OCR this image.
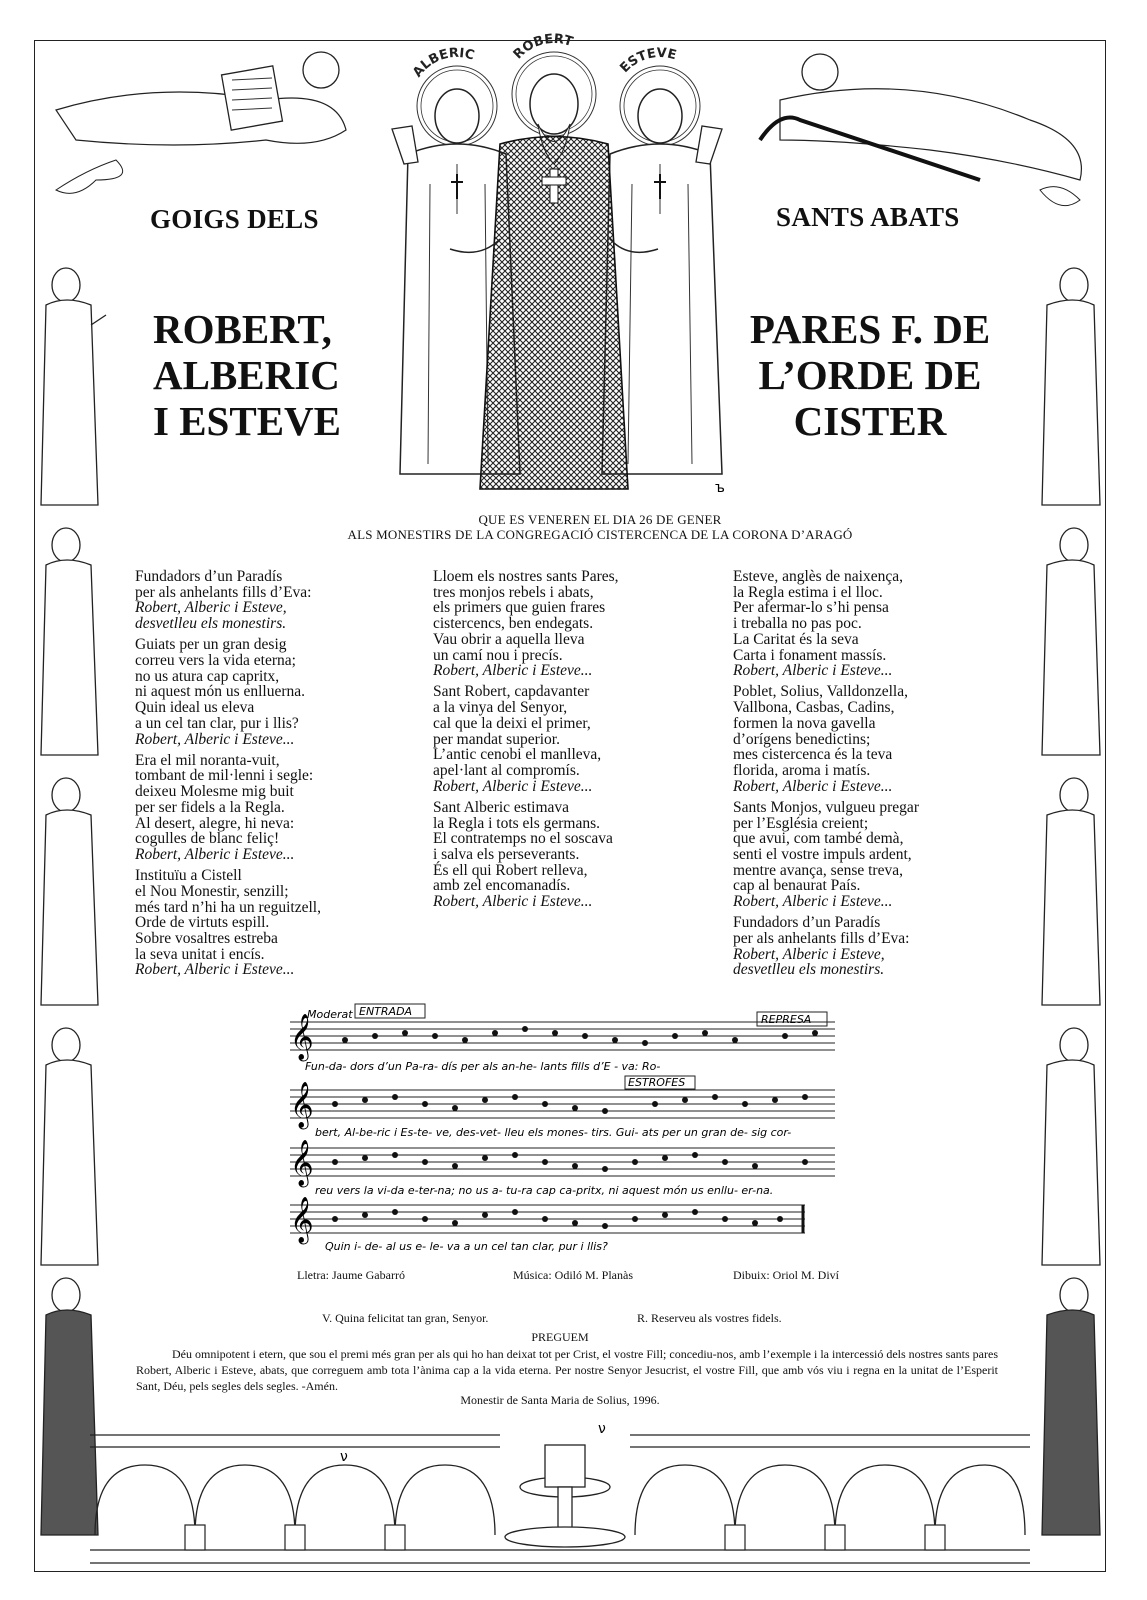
ALBERIC	ROBERT
ESTEVE
ъ
GOIGS DELS	SANTS ABATS
ROBERT,
ALBERIC
I ESTEVE
PARES F. DE
L’ORDE DE
CISTER
QUE ES VENEREN EL DIA 26 DE GENER
ALS MONESTIRS DE LA CONGREGACIÓ CISTERCENCA DE LA CORONA D’ARAGÓ
Fundadors d’un Paradís
per als anhelants fills d’Eva:
Robert, Alberic i Esteve,
desvetlleu els monestirs.
Guiats per un gran desig
correu vers la vida eterna;
no us atura cap capritx,
ni aquest món us enlluerna.
Quin ideal us eleva
a un cel tan clar, pur i llis?
Robert, Alberic i Esteve...
Era el mil noranta-vuit,
tombant de mil·lenni i segle:
deixeu Molesme mig buit
per ser fidels a la Regla.
Al desert, alegre, hi neva:
cogulles de blanc feliç!
Robert, Alberic i Esteve...
Instituïu a Cistell
el Nou Monestir, senzill;
més tard n’hi ha un reguitzell,
Orde de virtuts espill.
Sobre vosaltres estreba
la seva unitat i encís.
Robert, Alberic i Esteve...
Lloem els nostres sants Pares,
tres monjos rebels i abats,
els primers que guien frares
cistercencs, ben endegats.
Vau obrir a aquella lleva
un camí nou i precís.
Robert, Alberic i Esteve...
Sant Robert, capdavanter
a la vinya del Senyor,
cal que la deixi el primer,
per mandat superior.
L’antic cenobi el manlleva,
apel·lant al compromís.
Robert, Alberic i Esteve...
Sant Alberic estimava
la Regla i tots els germans.
El contratemps no el soscava
i salva els perseverants.
És ell qui Robert relleva,
amb zel encomanadís.
Robert, Alberic i Esteve...
Esteve, anglès de naixença,
la Regla estima i el lloc.
Per afermar-lo s’hi pensa
i treballa no pas poc.
La Caritat és la seva
Carta i fonament massís.
Robert, Alberic i Esteve...
Poblet, Solius, Valldonzella,
Vallbona, Casbas, Cadins,
formen la nova gavella
d’orígens benedictins;
mes cistercenca és la teva
florida, aroma i matís.
Robert, Alberic i Esteve...
Sants Monjos, vulgueu pregar
per l’Església creient;
que avui, com també demà,
senti el vostre impuls ardent,
mentre avança, sense treva,
cap al benaurat País.
Robert, Alberic i Esteve...
Fundadors d’un Paradís
per als anhelants fills d’Eva:
Robert, Alberic i Esteve,
desvetlleu els monestirs.
𝄞
Moderat ENTRADA
REPRESA
Fun-da- dors d’un Pa-ra- dís per als an-he- lants fills d’E - va: Ro-
𝄞	ESTROFES
bert, Al-be-ric i Es-te- ve, des-vet- lleu els mones- tirs. Gui- ats per un gran de- sig cor-
𝄞
reu vers la vi-da e-ter-na; no us a- tu-ra cap ca-pritx, ni aquest món us enllu- er-na.
𝄞
Quin i- de- al us e- le- va a un cel tan clar, pur i llis?
Lletra: Jaume Gabarró	Música: Odiló M. Planàs	Dibuix: Oriol M. Diví
V. Quina felicitat tan gran, Senyor.	R. Reserveu als vostres fidels.
PREGUEM
Déu omnipotent i etern, que sou el premi més gran per als qui ho han deixat tot per Crist, el vostre Fill; concediu-nos, amb l’exemple i la intercessió dels nostres sants pares Robert, Alberic i Esteve, abats, que correguem amb tota l’ànima cap a la vida eterna. Per nostre Senyor Jesucrist, el vostre Fill, que amb vós viu i regna en la unitat de l’Esperit Sant, Déu, pels segles dels segles. -Amén.
Monestir de Santa Maria de Solius, 1996.
ν
ν
